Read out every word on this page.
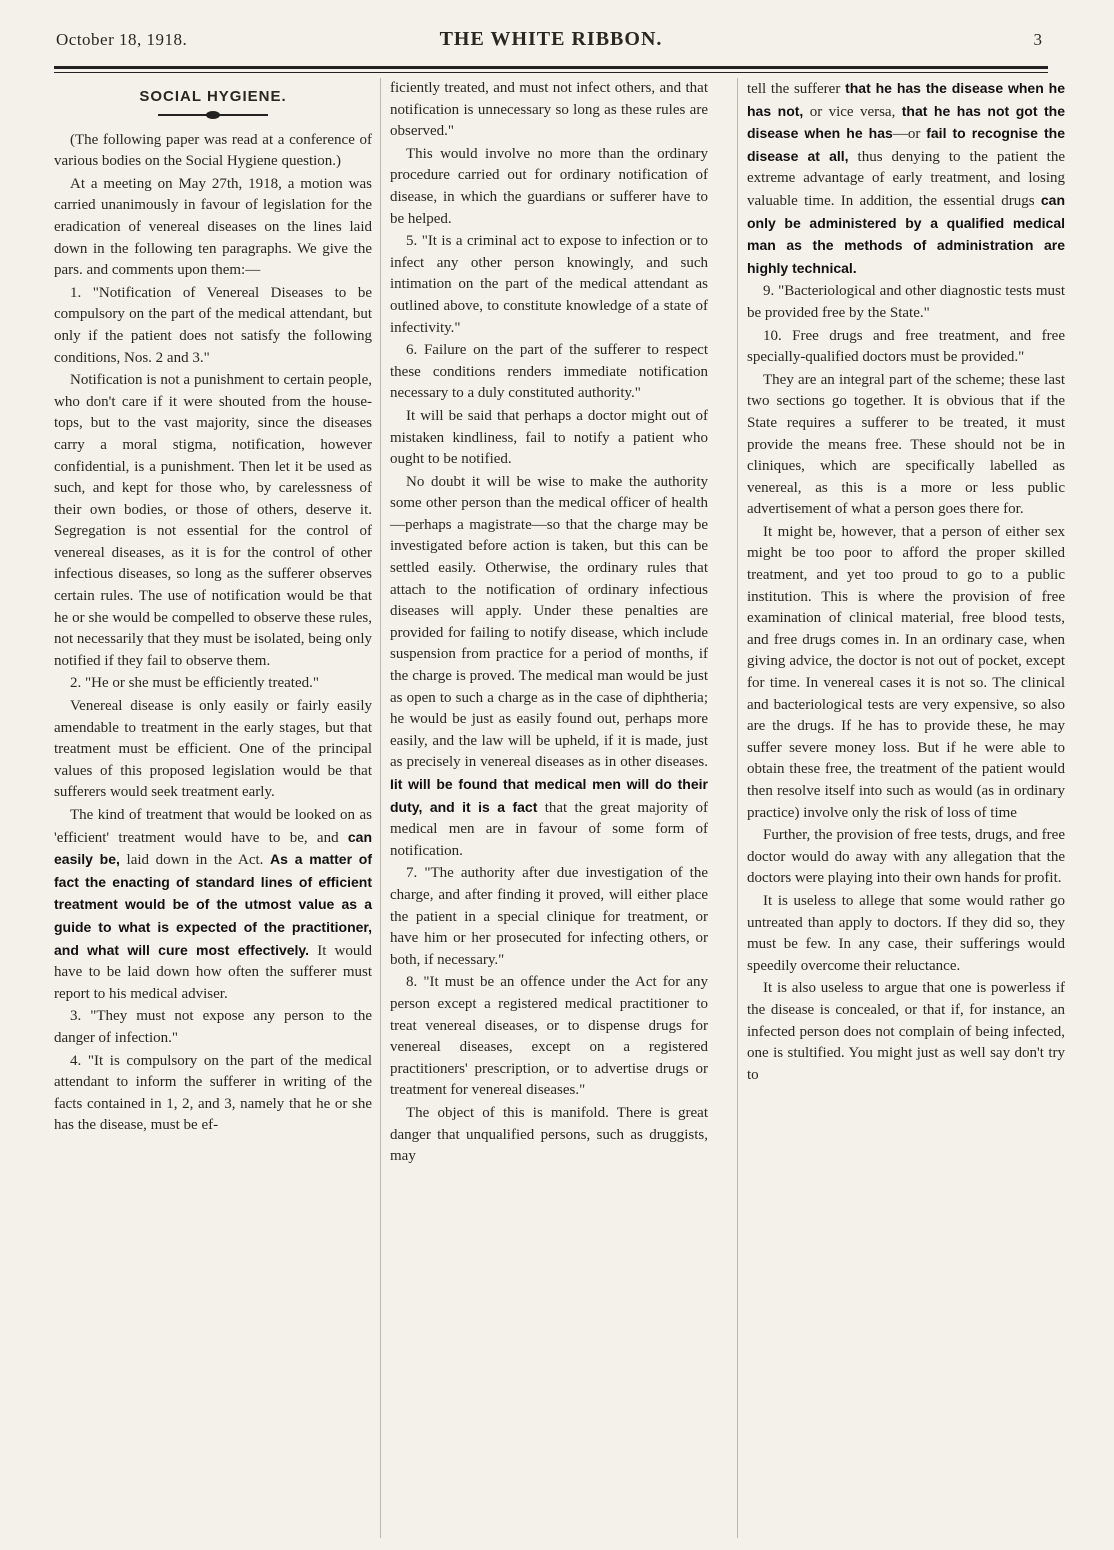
October 18, 1918.	THE WHITE RIBBON.	3
SOCIAL HYGIENE.

(The following paper was read at a conference of various bodies on the Social Hygiene question.)

At a meeting on May 27th, 1918, a motion was carried unanimously in favour of legislation for the eradication of venereal diseases on the lines laid down in the following ten paragraphs. We give the pars. and comments upon them:—

1. "Notification of Venereal Diseases to be compulsory on the part of the medical attendant, but only if the patient does not satisfy the following conditions, Nos. 2 and 3."

Notification is not a punishment to certain people, who don't care if it were shouted from the house-tops, but to the vast majority, since the diseases carry a moral stigma, notification, however confidential, is a punishment. Then let it be used as such, and kept for those who, by carelessness of their own bodies, or those of others, deserve it. Segregation is not essential for the control of venereal diseases, as it is for the control of other infectious diseases, so long as the sufferer observes certain rules. The use of notification would be that he or she would be compelled to observe these rules, not necessarily that they must be isolated, being only notified if they fail to observe them.

2. "He or she must be efficiently treated."

Venereal disease is only easily or fairly easily amendable to treatment in the early stages, but that treatment must be efficient. One of the principal values of this proposed legislation would be that sufferers would seek treatment early.

The kind of treatment that would be looked on as 'efficient' treatment would have to be, and can easily be, laid down in the Act. As a matter of fact the enacting of standard lines of efficient treatment would be of the utmost value as a guide to what is expected of the practitioner, and what will cure most effectively. It would have to be laid down how often the sufferer must report to his medical adviser.

3. "They must not expose any person to the danger of infection."

4. "It is compulsory on the part of the medical attendant to inform the sufferer in writing of the facts contained in 1, 2, and 3, namely that he or she has the disease, must be ef-

ficiently treated, and must not infect others, and that notification is unnecessary so long as these rules are observed."

This would involve no more than the ordinary procedure carried out for ordinary notification of disease, in which the guardians or sufferer have to be helped.

5. "It is a criminal act to expose to infection or to infect any other person knowingly, and such intimation on the part of the medical attendant as outlined above, to constitute knowledge of a state of infectivity."

6. Failure on the part of the sufferer to respect these conditions renders immediate notification necessary to a duly constituted authority."

It will be said that perhaps a doctor might out of mistaken kindliness, fail to notify a patient who ought to be notified.

No doubt it will be wise to make the authority some other person than the medical officer of health—perhaps a magistrate—so that the charge may be investigated before action is taken, but this can be settled easily. Otherwise, the ordinary rules that attach to the notification of ordinary infectious diseases will apply. Under these penalties are provided for failing to notify disease, which include suspension from practice for a period of months, if the charge is proved. The medical man would be just as open to such a charge as in the case of diphtheria; he would be just as easily found out, perhaps more easily, and the law will be upheld, if it is made, just as precisely in venereal diseases as in other diseases. Iit will be found that medical men will do their duty, and it is a fact that the great majority of medical men are in favour of some form of notification.

7. "The authority after due investigation of the charge, and after finding it proved, will either place the patient in a special clinique for treatment, or have him or her prosecuted for infecting others, or both, if necessary."

8. "It must be an offence under the Act for any person except a registered medical practitioner to treat venereal diseases, or to dispense drugs for venereal diseases, except on a registered practitioners' prescription, or to advertise drugs or treatment for venereal diseases."

The object of this is manifold. There is great danger that unqualified persons, such as druggists, may

tell the sufferer that he has the disease when he has not, or vice versa, that he has not got the disease when he has—or fail to recognise the disease at all, thus denying to the patient the extreme advantage of early treatment, and losing valuable time. In addition, the essential drugs can only be administered by a qualified medical man as the methods of administration are highly technical.

9. "Bacteriological and other diagnostic tests must be provided free by the State."

10. Free drugs and free treatment, and free specially-qualified doctors must be provided."

They are an integral part of the scheme; these last two sections go together. It is obvious that if the State requires a sufferer to be treated, it must provide the means free. These should not be in cliniques, which are specifically labelled as venereal, as this is a more or less public advertisement of what a person goes there for.

It might be, however, that a person of either sex might be too poor to afford the proper skilled treatment, and yet too proud to go to a public institution. This is where the provision of free examination of clinical material, free blood tests, and free drugs comes in. In an ordinary case, when giving advice, the doctor is not out of pocket, except for time. In venereal cases it is not so. The clinical and bacteriological tests are very expensive, so also are the drugs. If he has to provide these, he may suffer severe money loss. But if he were able to obtain these free, the treatment of the patient would then resolve itself into such as would (as in ordinary practice) involve only the risk of loss of time

Further, the provision of free tests, drugs, and free doctor would do away with any allegation that the doctors were playing into their own hands for profit.

It is useless to allege that some would rather go untreated than apply to doctors. If they did so, they must be few. In any case, their sufferings would speedily overcome their reluctance.

It is also useless to argue that one is powerless if the disease is concealed, or that if, for instance, an infected person does not complain of being infected, one is stultified. You might just as well say don't try to
